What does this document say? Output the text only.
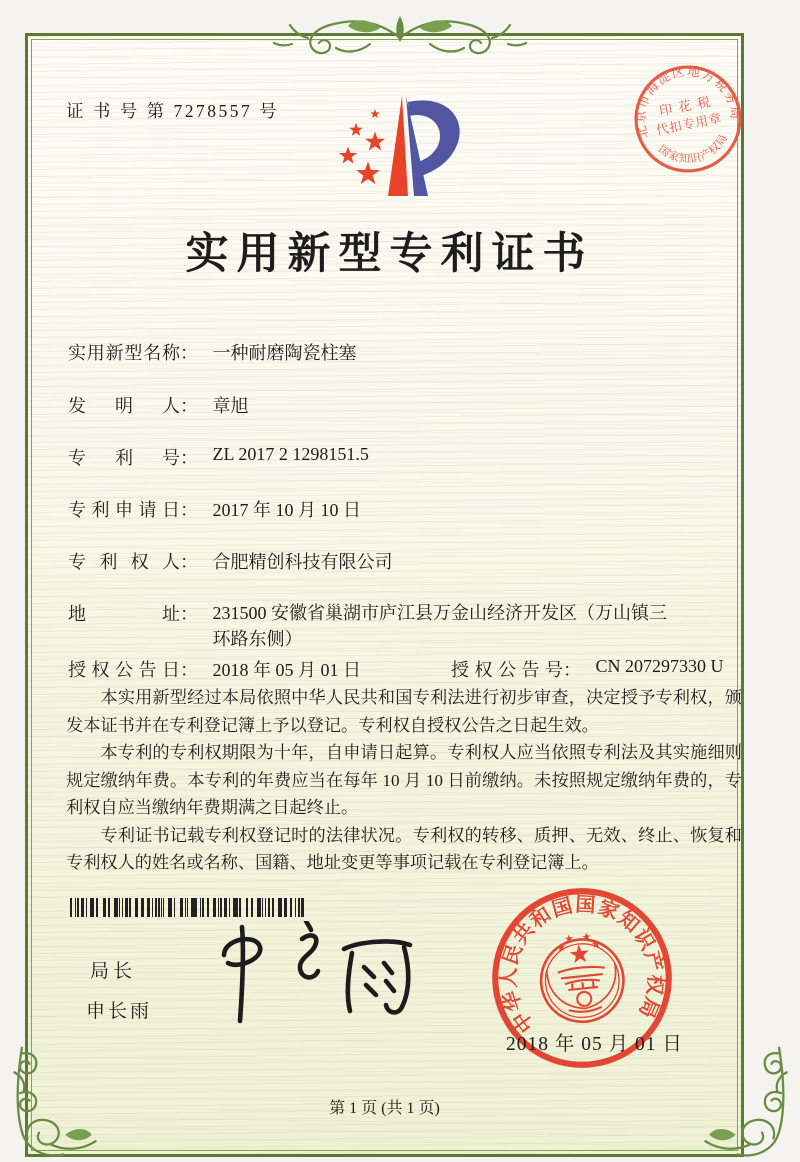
证 书 号 第 7278557 号
北京市海淀区地方税务局
国家知识产权局
印 花 税
代扣专用章
实用新型专利证书
实用新型名称： 一种耐磨陶瓷柱塞
发明人： 章旭
专利号： ZL 2017 2 1298151.5
专利申请日： 2017 年 10 月 10 日
专利权人： 合肥精创科技有限公司
地址： 231500 安徽省巢湖市庐江县万金山经济开发区（万山镇三环路东侧）
授权公告日： 2018 年 05 月 01 日	授权公告号： CN 207297330 U

本实用新型经过本局依照中华人民共和国专利法进行初步审查，决定授予专利权，颁发本证书并在专利登记簿上予以登记。专利权自授权公告之日起生效。

本专利的专利权期限为十年，自申请日起算。专利权人应当依照专利法及其实施细则规定缴纳年费。本专利的年费应当在每年 10 月 10 日前缴纳。未按照规定缴纳年费的，专利权自应当缴纳年费期满之日起终止。

专利证书记载专利权登记时的法律状况。专利权的转移、质押、无效、终止、恢复和专利权人的姓名或名称、国籍、地址变更等事项记载在专利登记簿上。

局长
申长雨	中华人民共和国国家知识产权局
2018 年 05 月 01 日
第 1 页 (共 1 页)
